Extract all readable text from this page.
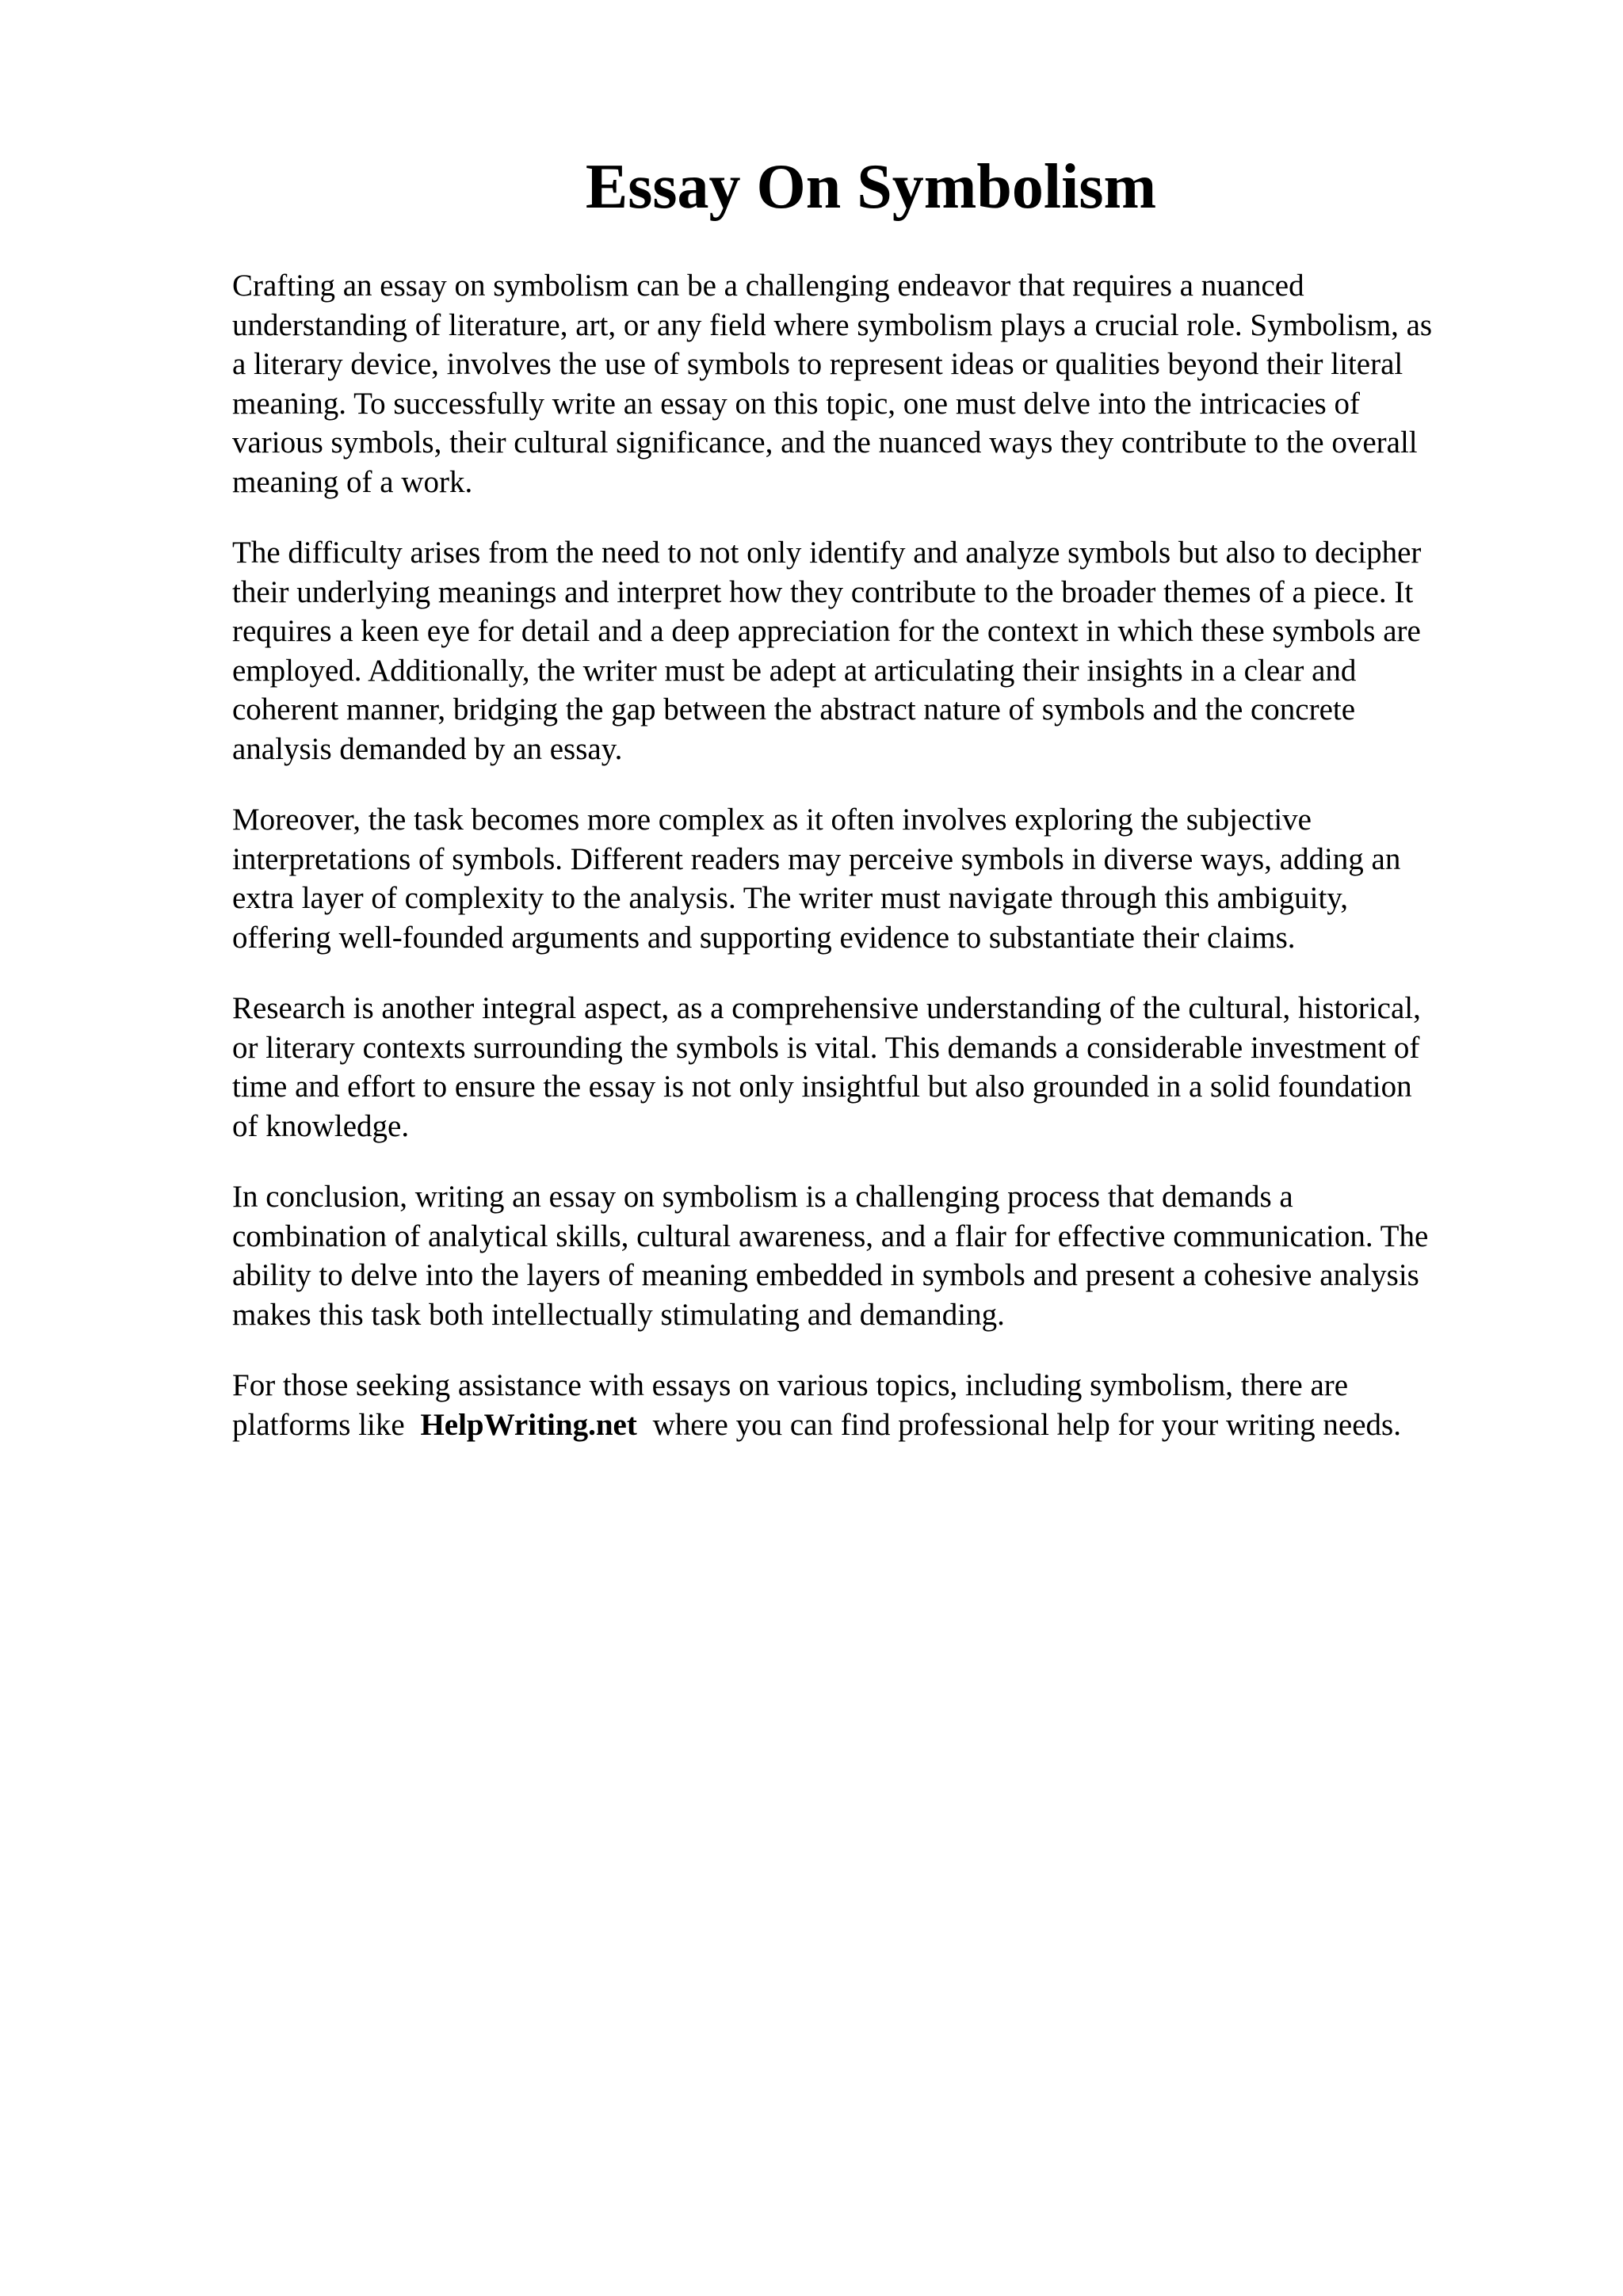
Essay On Symbolism

Crafting an essay on symbolism can be a challenging endeavor that requires a nuanced
understanding of literature, art, or any field where symbolism plays a crucial role. Symbolism, as
a literary device, involves the use of symbols to represent ideas or qualities beyond their literal
meaning. To successfully write an essay on this topic, one must delve into the intricacies of
various symbols, their cultural significance, and the nuanced ways they contribute to the overall
meaning of a work.

The difficulty arises from the need to not only identify and analyze symbols but also to decipher
their underlying meanings and interpret how they contribute to the broader themes of a piece. It
requires a keen eye for detail and a deep appreciation for the context in which these symbols are
employed. Additionally, the writer must be adept at articulating their insights in a clear and
coherent manner, bridging the gap between the abstract nature of symbols and the concrete
analysis demanded by an essay.

Moreover, the task becomes more complex as it often involves exploring the subjective
interpretations of symbols. Different readers may perceive symbols in diverse ways, adding an
extra layer of complexity to the analysis. The writer must navigate through this ambiguity,
offering well-founded arguments and supporting evidence to substantiate their claims.

Research is another integral aspect, as a comprehensive understanding of the cultural, historical,
or literary contexts surrounding the symbols is vital. This demands a considerable investment of
time and effort to ensure the essay is not only insightful but also grounded in a solid foundation
of knowledge.

In conclusion, writing an essay on symbolism is a challenging process that demands a
combination of analytical skills, cultural awareness, and a flair for effective communication. The
ability to delve into the layers of meaning embedded in symbols and present a cohesive analysis
makes this task both intellectually stimulating and demanding.

For those seeking assistance with essays on various topics, including symbolism, there are
platforms like HelpWriting.net where you can find professional help for your writing needs.
